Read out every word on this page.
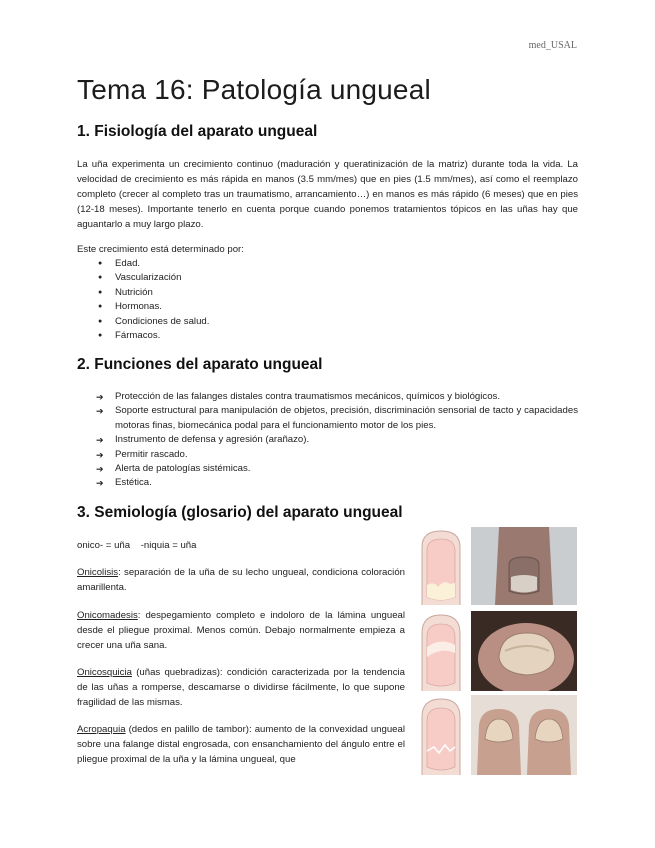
med_USAL
Tema 16: Patología ungueal
1. Fisiología del aparato ungueal

La uña experimenta un crecimiento continuo (maduración y queratinización de la matriz) durante toda la vida. La velocidad de crecimiento es más rápida en manos (3.5 mm/mes) que en pies (1.5 mm/mes), así como el reemplazo completo (crecer al completo tras un traumatismo, arrancamiento…) en manos es más rápido (6 meses) que en pies (12-18 meses). Importante tenerlo en cuenta porque cuando ponemos tratamientos tópicos en las uñas hay que aguantarlo a muy largo plazo.

Este crecimiento está determinado por:

● Edad.
● Vascularización
● Nutrición
● Hormonas.
● Condiciones de salud.
● Fármacos.
2. Funciones del aparato ungueal
➔ Protección de las falanges distales contra traumatismos mecánicos, químicos y biológicos.
➔ Soporte estructural para manipulación de objetos, precisión, discriminación sensorial de tacto y capacidades motoras finas, biomecánica podal para el funcionamiento motor de los pies.
➔ Instrumento de defensa y agresión (arañazo).
➔ Permitir rascado.
➔ Alerta de patologías sistémicas.
➔ Estética.
3. Semiología (glosario) del aparato ungueal

onico- = uña    -niquia = uña

Onicolisis: separación de la uña de su lecho ungueal, condiciona coloración amarillenta.

Onicomadesis: despegamiento completo e indoloro de la lámina ungueal desde el pliegue proximal. Menos común. Debajo normalmente empieza a crecer una uña sana.

Onicosquicia (uñas quebradizas): condición caracterizada por la tendencia de las uñas a romperse, descamarse o dividirse fácilmente, lo que supone fragilidad de las mismas.

Acropaquia (dedos en palillo de tambor): aumento de la convexidad ungueal sobre una falange distal engrosada, con ensanchamiento del ángulo entre el pliegue proximal de la uña y la lámina ungueal, que
